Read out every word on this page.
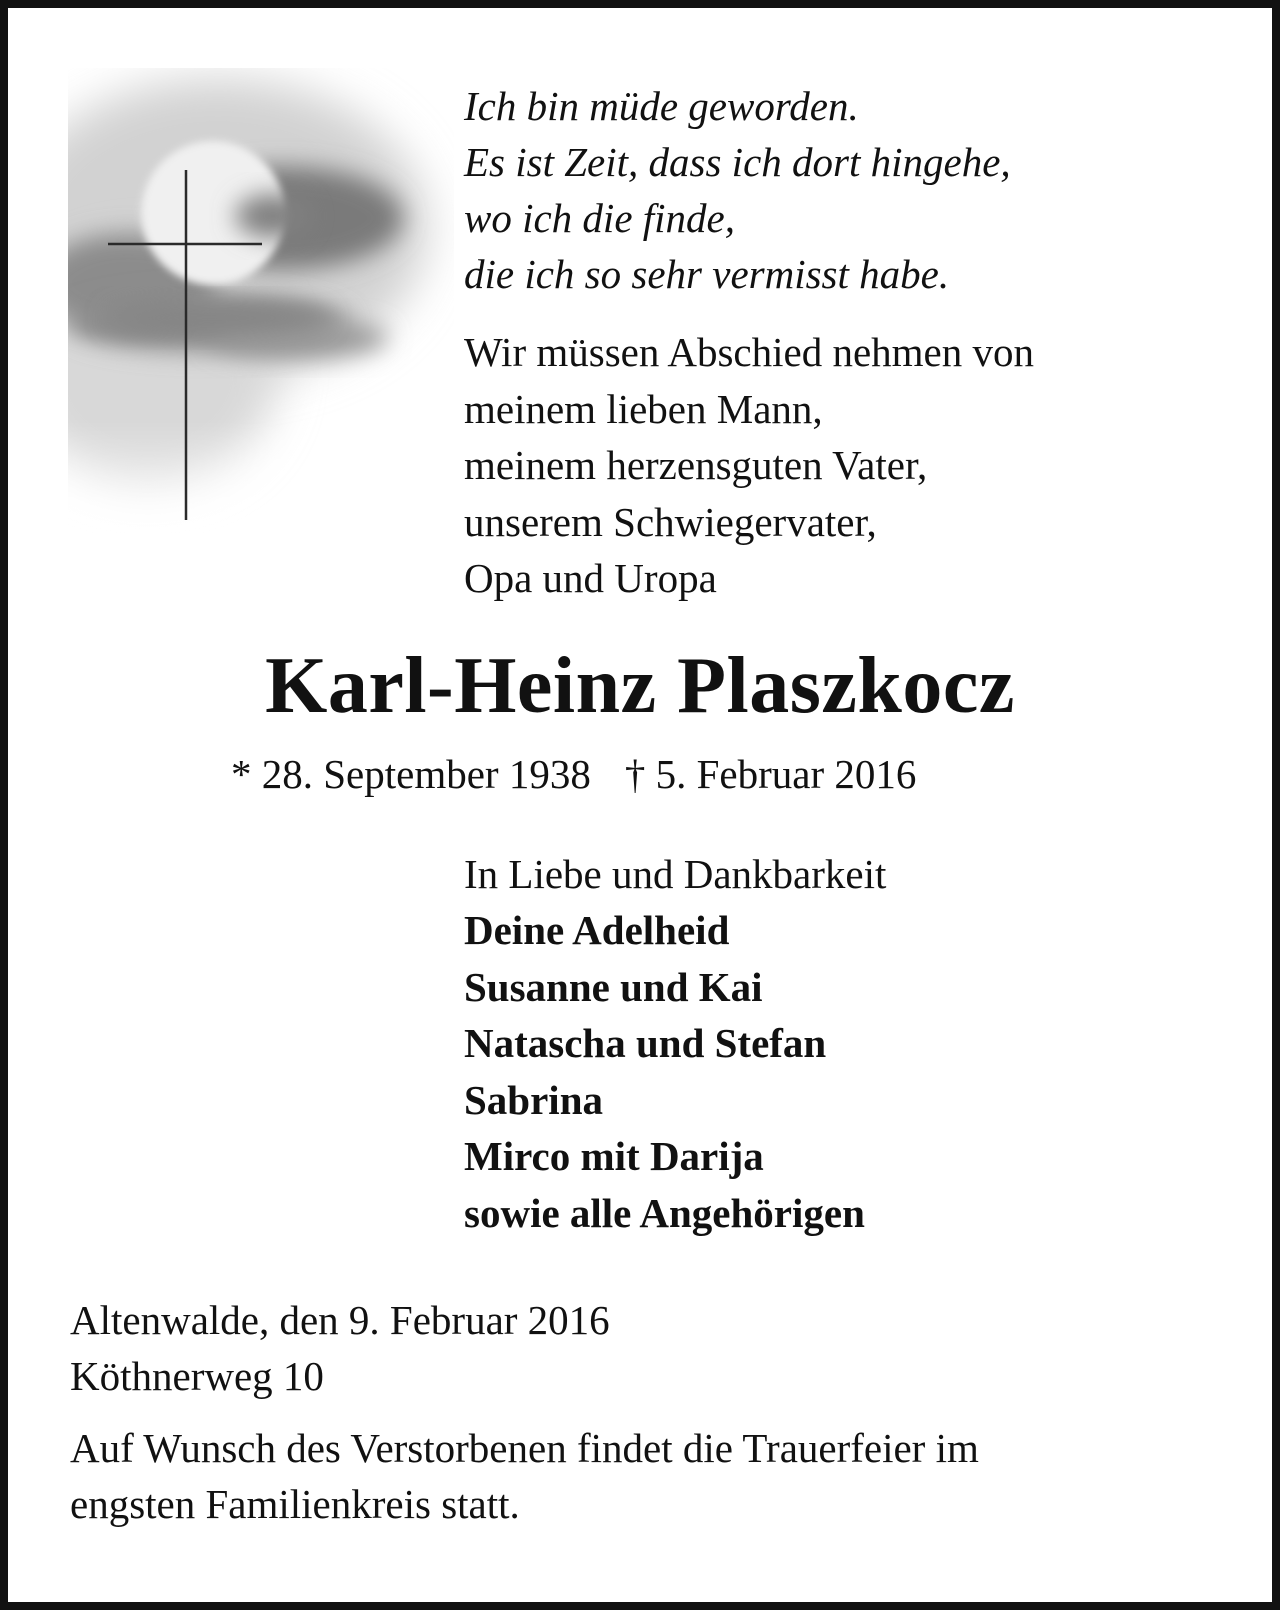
Ich bin müde geworden.
Es ist Zeit, dass ich dort hingehe,
wo ich die finde,
die ich so sehr vermisst habe.
Wir müssen Abschied nehmen von
meinem lieben Mann,
meinem herzensguten Vater,
unserem Schwiegervater,
Opa und Uropa
Karl-Heinz Plaszkocz
* 28. September 1938 † 5. Februar 2016
In Liebe und Dankbarkeit
Deine Adelheid
Susanne und Kai
Natascha und Stefan
Sabrina
Mirco mit Darija
sowie alle Angehörigen
Altenwalde, den 9. Februar 2016
Köthnerweg 10
Auf Wunsch des Verstorbenen findet die Trauerfeier im
engsten Familienkreis statt.
